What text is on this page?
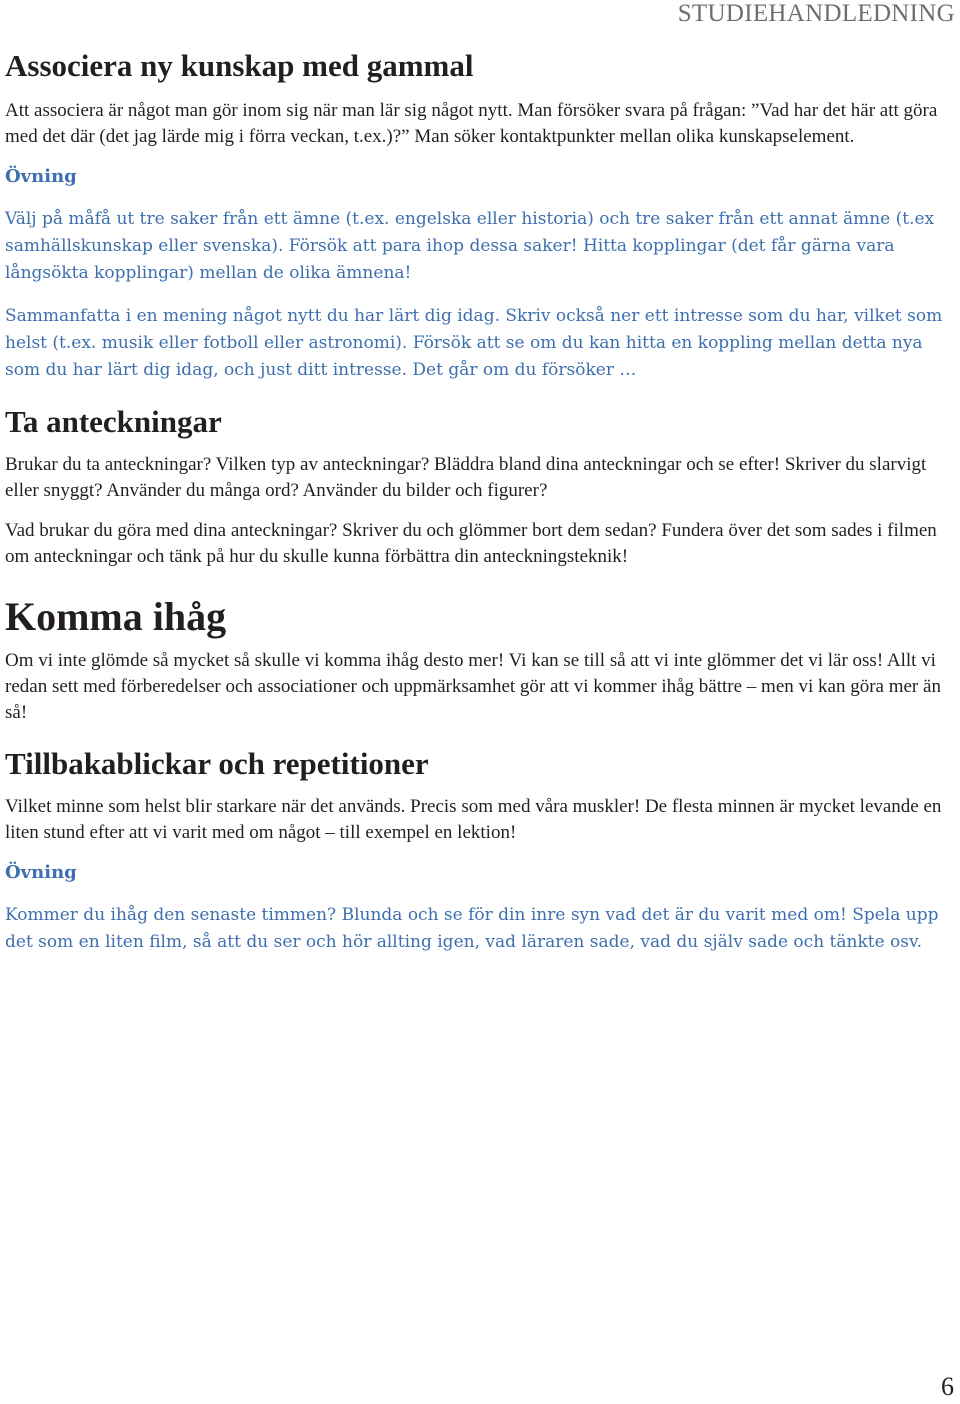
STUDIEHANDLEDNING
Associera ny kunskap med gammal

Att associera är något man gör inom sig när man lär sig något nytt. Man försöker svara på frågan: ”Vad har det här att göra med det där (det jag lärde mig i förra veckan, t.ex.)?” Man söker kontaktpunkter mellan olika kunskapselement.

Övning

Välj på måfå ut tre saker från ett ämne (t.ex. engelska eller historia) och tre saker från ett annat ämne (t.ex samhällskunskap eller svenska). Försök att para ihop dessa saker! Hitta kopplingar (det får gärna vara långsökta kopplingar) mellan de olika ämnena!

Sammanfatta i en mening något nytt du har lärt dig idag. Skriv också ner ett intresse som du har, vilket som helst (t.ex. musik eller fotboll eller astronomi). Försök att se om du kan hitta en koppling mellan detta nya som du har lärt dig idag, och just ditt intresse. Det går om du försöker …

Ta anteckningar

Brukar du ta anteckningar? Vilken typ av anteckningar? Bläddra bland dina anteckningar och se efter! Skriver du slarvigt eller snyggt? Använder du många ord? Använder du bilder och figurer?

Vad brukar du göra med dina anteckningar? Skriver du och glömmer bort dem sedan? Fundera över det som sades i filmen om anteckningar och tänk på hur du skulle kunna förbättra din anteckningsteknik!

Komma ihåg

Om vi inte glömde så mycket så skulle vi komma ihåg desto mer! Vi kan se till så att vi inte glömmer det vi lär oss! Allt vi redan sett med förberedelser och associationer och uppmärksamhet gör att vi kommer ihåg bättre – men vi kan göra mer än så!

Tillbakablickar och repetitioner

Vilket minne som helst blir starkare när det används. Precis som med våra muskler! De flesta minnen är mycket levande en liten stund efter att vi varit med om något – till exempel en lektion!

Övning

Kommer du ihåg den senaste timmen? Blunda och se för din inre syn vad det är du varit med om! Spela upp det som en liten film, så att du ser och hör allting igen, vad läraren sade, vad du själv sade och tänkte osv.

6
